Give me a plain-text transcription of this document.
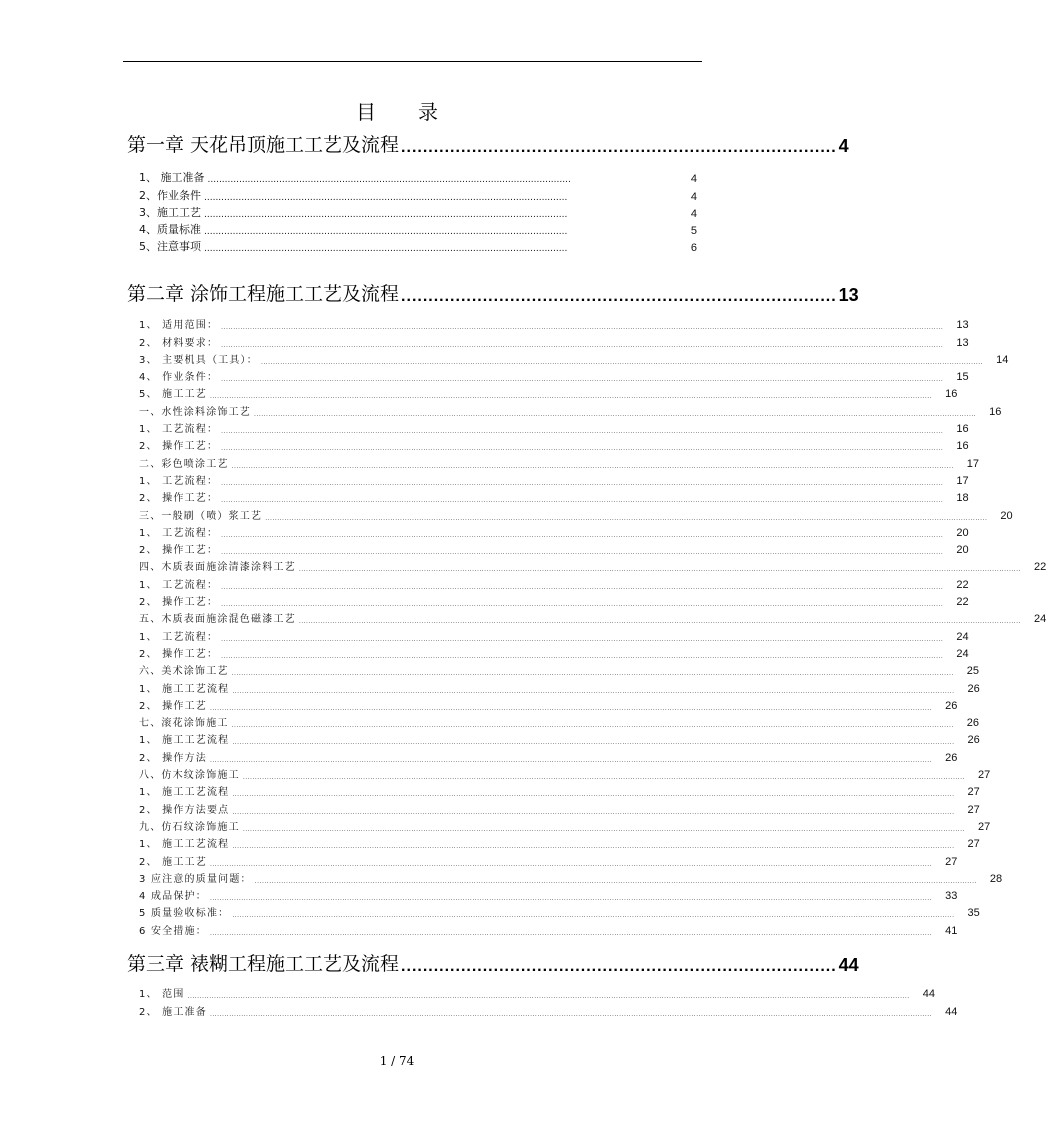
目录
第一章 天花吊顶施工工艺及流程 ................................................................................ 4
1、 施工准备 ...............................................................................................................................	4
2、作业条件 ...............................................................................................................................	4
3、施工工艺 ...............................................................................................................................	4
4、质量标准 ...............................................................................................................................	5
5、注意事项 ...............................................................................................................................	6
第二章 涂饰工程施工工艺及流程 ................................................................................ 13
1、 适用范围： ............................................................................................................................................................................................................................................................................................................	13
2、 材料要求： ............................................................................................................................................................................................................................................................................................................	13
3、 主要机具（工具）： ............................................................................................................................................................................................................................................................................................................	14
4、 作业条件： ............................................................................................................................................................................................................................................................................................................	15
5、 施工工艺 ............................................................................................................................................................................................................................................................................................................	16
一、水性涂料涂饰工艺 ............................................................................................................................................................................................................................................................................................................	16
1、 工艺流程： ............................................................................................................................................................................................................................................................................................................	16
2、 操作工艺： ............................................................................................................................................................................................................................................................................................................	16
二、彩色喷涂工艺 ............................................................................................................................................................................................................................................................................................................	17
1、 工艺流程： ............................................................................................................................................................................................................................................................................................................	17
2、 操作工艺： ............................................................................................................................................................................................................................................................................................................	18
三、一般刷（喷）浆工艺 ............................................................................................................................................................................................................................................................................................................	20
1、 工艺流程： ............................................................................................................................................................................................................................................................................................................	20
2、 操作工艺： ............................................................................................................................................................................................................................................................................................................	20
四、木质表面施涂清漆涂料工艺 ............................................................................................................................................................................................................................................................................................................	22
1、 工艺流程： ............................................................................................................................................................................................................................................................................................................	22
2、 操作工艺： ............................................................................................................................................................................................................................................................................................................	22
五、木质表面施涂混色磁漆工艺 ............................................................................................................................................................................................................................................................................................................	24
1、 工艺流程： ............................................................................................................................................................................................................................................................................................................	24
2、 操作工艺： ............................................................................................................................................................................................................................................................................................................	24
六、美术涂饰工艺 ............................................................................................................................................................................................................................................................................................................	25
1、 施工工艺流程 ............................................................................................................................................................................................................................................................................................................	26
2、 操作工艺 ............................................................................................................................................................................................................................................................................................................	26
七、滚花涂饰施工 ............................................................................................................................................................................................................................................................................................................	26
1、 施工工艺流程 ............................................................................................................................................................................................................................................................................................................	26
2、 操作方法 ............................................................................................................................................................................................................................................................................................................	26
八、仿木纹涂饰施工 ............................................................................................................................................................................................................................................................................................................	27
1、 施工工艺流程 ............................................................................................................................................................................................................................................................................................................	27
2、 操作方法要点 ............................................................................................................................................................................................................................................................................................................	27
九、仿石纹涂饰施工 ............................................................................................................................................................................................................................................................................................................	27
1、 施工工艺流程 ............................................................................................................................................................................................................................................................................................................	27
2、 施工工艺 ............................................................................................................................................................................................................................................................................................................	27
3 应注意的质量问题： ............................................................................................................................................................................................................................................................................................................	28
4 成品保护： ............................................................................................................................................................................................................................................................................................................	33
5 质量验收标准： ............................................................................................................................................................................................................................................................................................................	35
6 安全措施： ............................................................................................................................................................................................................................................................................................................	41
第三章 裱糊工程施工工艺及流程 ................................................................................ 44
1、 范围 ............................................................................................................................................................................................................................................................................................................	44
2、 施工准备 ............................................................................................................................................................................................................................................................................................................	44
1 / 74
